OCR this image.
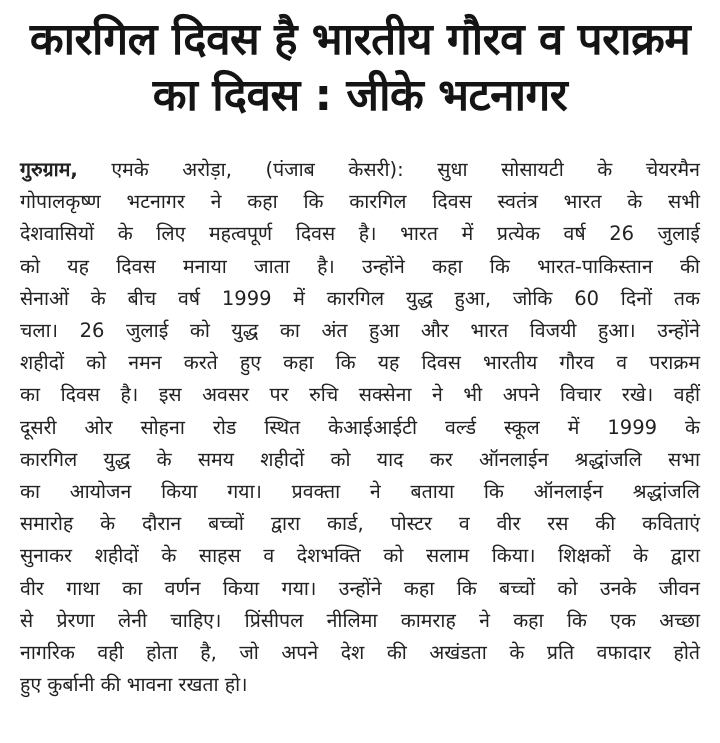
कारगिल दिवस है भारतीय गौरव व पराक्रम
का दिवस : जीके भटनागर
गुरुग्राम, एमके अरोड़ा, (पंजाब केसरी): सुधा सोसायटी के चेयरमैन
गोपालकृष्ण भटनागर ने कहा कि कारगिल दिवस स्वतंत्र भारत के सभी
देशवासियों के लिए महत्वपूर्ण दिवस है। भारत में प्रत्येक वर्ष 26 जुलाई
को यह दिवस मनाया जाता है। उन्होंने कहा कि भारत-पाकिस्तान की
सेनाओं के बीच वर्ष 1999 में कारगिल युद्ध हुआ, जोकि 60 दिनों तक
चला। 26 जुलाई को युद्ध का अंत हुआ और भारत विजयी हुआ। उन्होंने
शहीदों को नमन करते हुए कहा कि यह दिवस भारतीय गौरव व पराक्रम
का दिवस है। इस अवसर पर रुचि सक्सेना ने भी अपने विचार रखे। वहीं
दूसरी ओर सोहना रोड स्थित केआईआईटी वर्ल्ड स्कूल में 1999 के
कारगिल युद्ध के समय शहीदों को याद कर ऑनलाईन श्रद्धांजलि सभा
का आयोजन किया गया। प्रवक्ता ने बताया कि ऑनलाईन श्रद्धांजलि
समारोह के दौरान बच्चों द्वारा कार्ड, पोस्टर व वीर रस की कविताएं
सुनाकर शहीदों के साहस व देशभक्ति को सलाम किया। शिक्षकों के द्वारा
वीर गाथा का वर्णन किया गया। उन्होंने कहा कि बच्चों को उनके जीवन
से प्रेरणा लेनी चाहिए। प्रिंसीपल नीलिमा कामराह ने कहा कि एक अच्छा
नागरिक वही होता है, जो अपने देश की अखंडता के प्रति वफादार होते
हुए कुर्बानी की भावना रखता हो।
